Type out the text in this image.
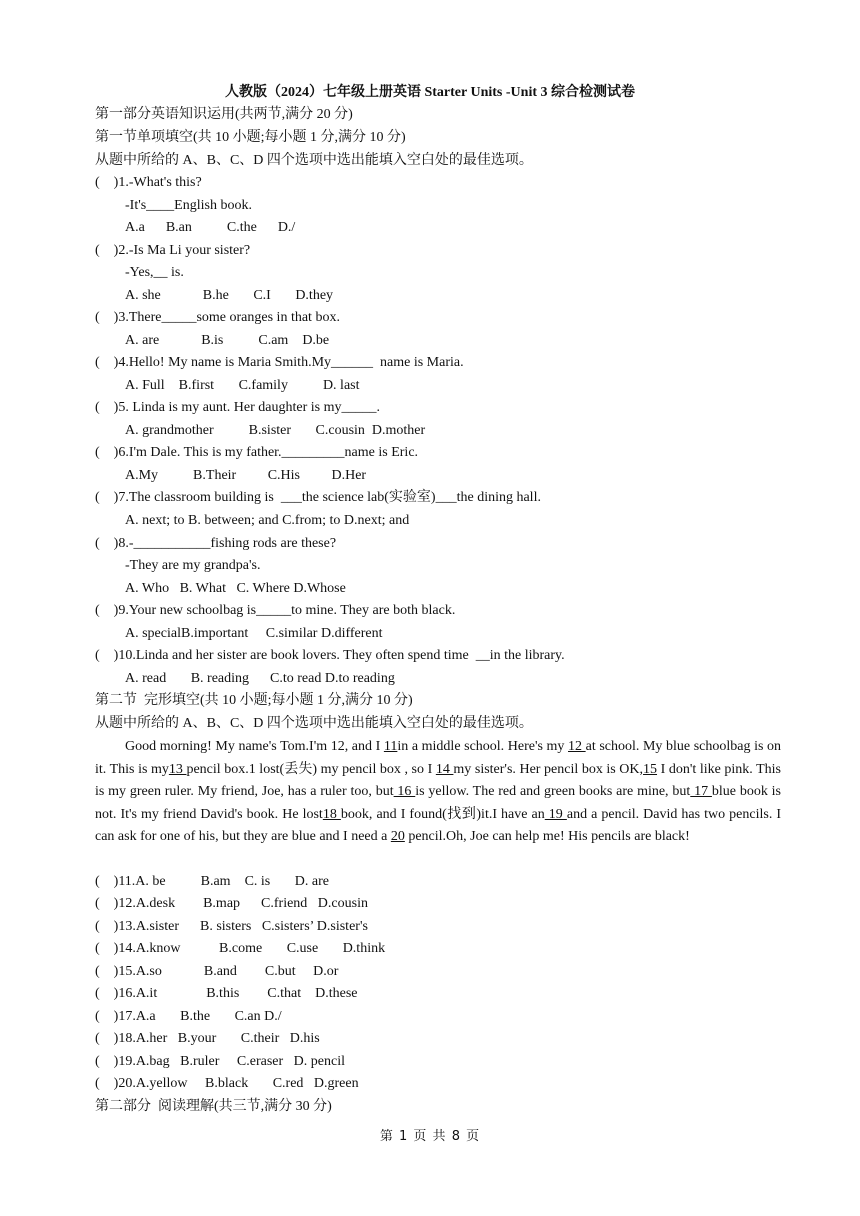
人教版（2024）七年级上册英语 Starter Units -Unit 3 综合检测试卷
第一部分英语知识运用(共两节,满分 20 分)
第一节单项填空(共 10 小题;每小题 1 分,满分 10 分)
从题中所给的 A、B、C、D 四个选项中选出能填入空白处的最佳选项。
(    )1.-What's this?
-It's____English book.
A.a      B.an          C.the      D./
(    )2.-Is Ma Li your sister?
-Yes,__ is.
A. she            B.he       C.I       D.they
(    )3.There_____some oranges in that box.
A. are            B.is          C.am    D.be
(    )4.Hello! My name is Maria Smith.My______  name is Maria.
A. Full    B.first       C.family          D. last
(    )5. Linda is my aunt. Her daughter is my_____.
A. grandmother          B.sister       C.cousin  D.mother
(    )6.I'm Dale. This is my father._________name is Eric.
A.My          B.Their         C.His         D.Her
(    )7.The classroom building is  ___the science lab(实验室)___the dining hall.
A. next; to B. between; and C.from; to D.next; and
(    )8.-___________fishing rods are these?
-They are my grandpa's.
A. Who   B. What   C. Where D.Whose
(    )9.Your new schoolbag is_____to mine. They are both black.
A. specialB.important     C.similar D.different
(    )10.Linda and her sister are book lovers. They often spend time  __in the library.
A. read       B. reading      C.to read D.to reading
第二节  完形填空(共 10 小题;每小题 1 分,满分 10 分)
从题中所给的 A、B、C、D 四个选项中选出能填入空白处的最佳选项。
Good morning! My name's Tom.I'm 12, and I 11in a middle school. Here's my 12 at school. My blue schoolbag is on it. This is my13 pencil box.1 lost(丢失) my pencil box , so I 14 my sister's. Her pencil box is OK,15 I don't like pink. This is my green ruler. My friend, Joe, has a ruler too, but 16 is yellow. The red and green books are mine, but 17 blue book is not. It's my friend David's book. He lost18 book, and I found(找到)it.I have an 19 and a pencil. David has two pencils. I can ask for one of his, but they are blue and I need a 20 pencil.Oh, Joe can help me! His pencils are black!
(    )11.A. be          B.am    C. is       D. are
(    )12.A.desk        B.map      C.friend   D.cousin
(    )13.A.sister      B. sisters   C.sisters’ D.sister's
(    )14.A.know           B.come       C.use       D.think
(    )15.A.so            B.and        C.but     D.or
(    )16.A.it              B.this        C.that    D.these
(    )17.A.a       B.the       C.an D./
(    )18.A.her   B.your       C.their   D.his
(    )19.A.bag   B.ruler     C.eraser   D. pencil
(    )20.A.yellow     B.black       C.red   D.green
第二部分  阅读理解(共三节,满分 30 分)
第 1 页 共 8 页
